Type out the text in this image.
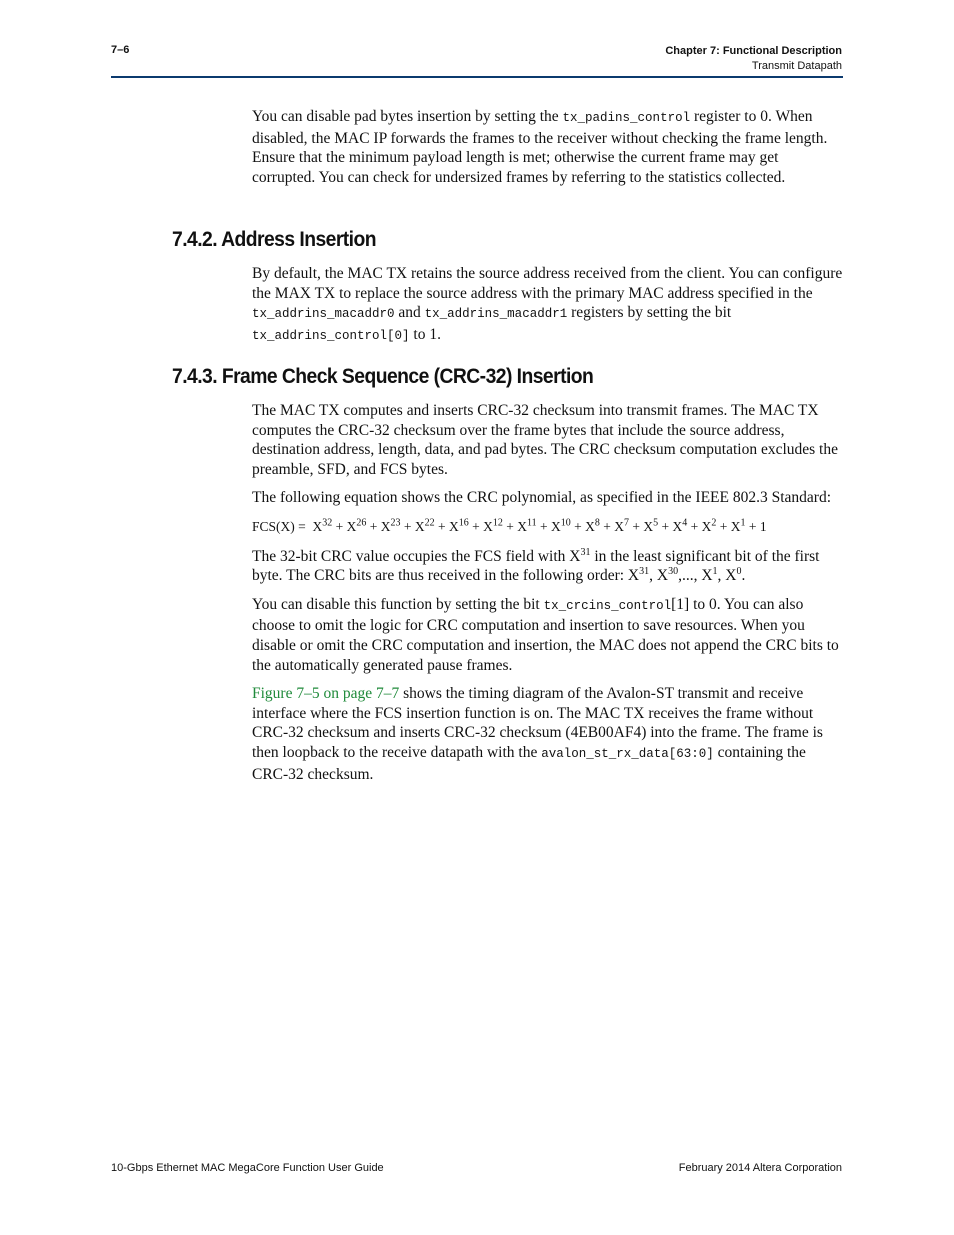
7–6	Chapter 7: Functional Description
Transmit Datapath

You can disable pad bytes insertion by setting the tx_padins_control register to 0. When disabled, the MAC IP forwards the frames to the receiver without checking the frame length. Ensure that the minimum payload length is met; otherwise the current frame may get corrupted. You can check for undersized frames by referring to the statistics collected.

7.4.2. Address Insertion

By default, the MAC TX retains the source address received from the client. You can configure the MAX TX to replace the source address with the primary MAC address specified in the tx_addrins_macaddr0 and tx_addrins_macaddr1 registers by setting the bit tx_addrins_control[0] to 1.

7.4.3. Frame Check Sequence (CRC-32) Insertion

The MAC TX computes and inserts CRC-32 checksum into transmit frames. The MAC TX computes the CRC-32 checksum over the frame bytes that include the source address, destination address, length, data, and pad bytes. The CRC checksum computation excludes the preamble, SFD, and FCS bytes.

The following equation shows the CRC polynomial, as specified in the IEEE 802.3 Standard:

$FCS(X) = X^{32} + X^{26} + X^{23} + X^{22} + X^{16} + X^{12} + X^{11} + X^{10} + X^8 + X^7 + X^5 + X^4 + X^2 + X^1 + 1$

The 32-bit CRC value occupies the FCS field with $X^{31}$ in the least significant bit of the first byte. The CRC bits are thus received in the following order: $X^{31}$, $X^{30}$,..., $X^1$, $X^0$.

You can disable this function by setting the bit tx_crcins_control[1] to 0. You can also choose to omit the logic for CRC computation and insertion to save resources. When you disable or omit the CRC computation and insertion, the MAC does not append the CRC bits to the automatically generated pause frames.

Figure 7–5 on page 7–7 shows the timing diagram of the Avalon-ST transmit and receive interface where the FCS insertion function is on. The MAC TX receives the frame without CRC-32 checksum and inserts CRC-32 checksum (4EB00AF4) into the frame. The frame is then loopback to the receive datapath with the avalon_st_rx_data[63:0] containing the CRC-32 checksum.

10-Gbps Ethernet MAC MegaCore Function User Guide	February 2014 Altera Corporation
